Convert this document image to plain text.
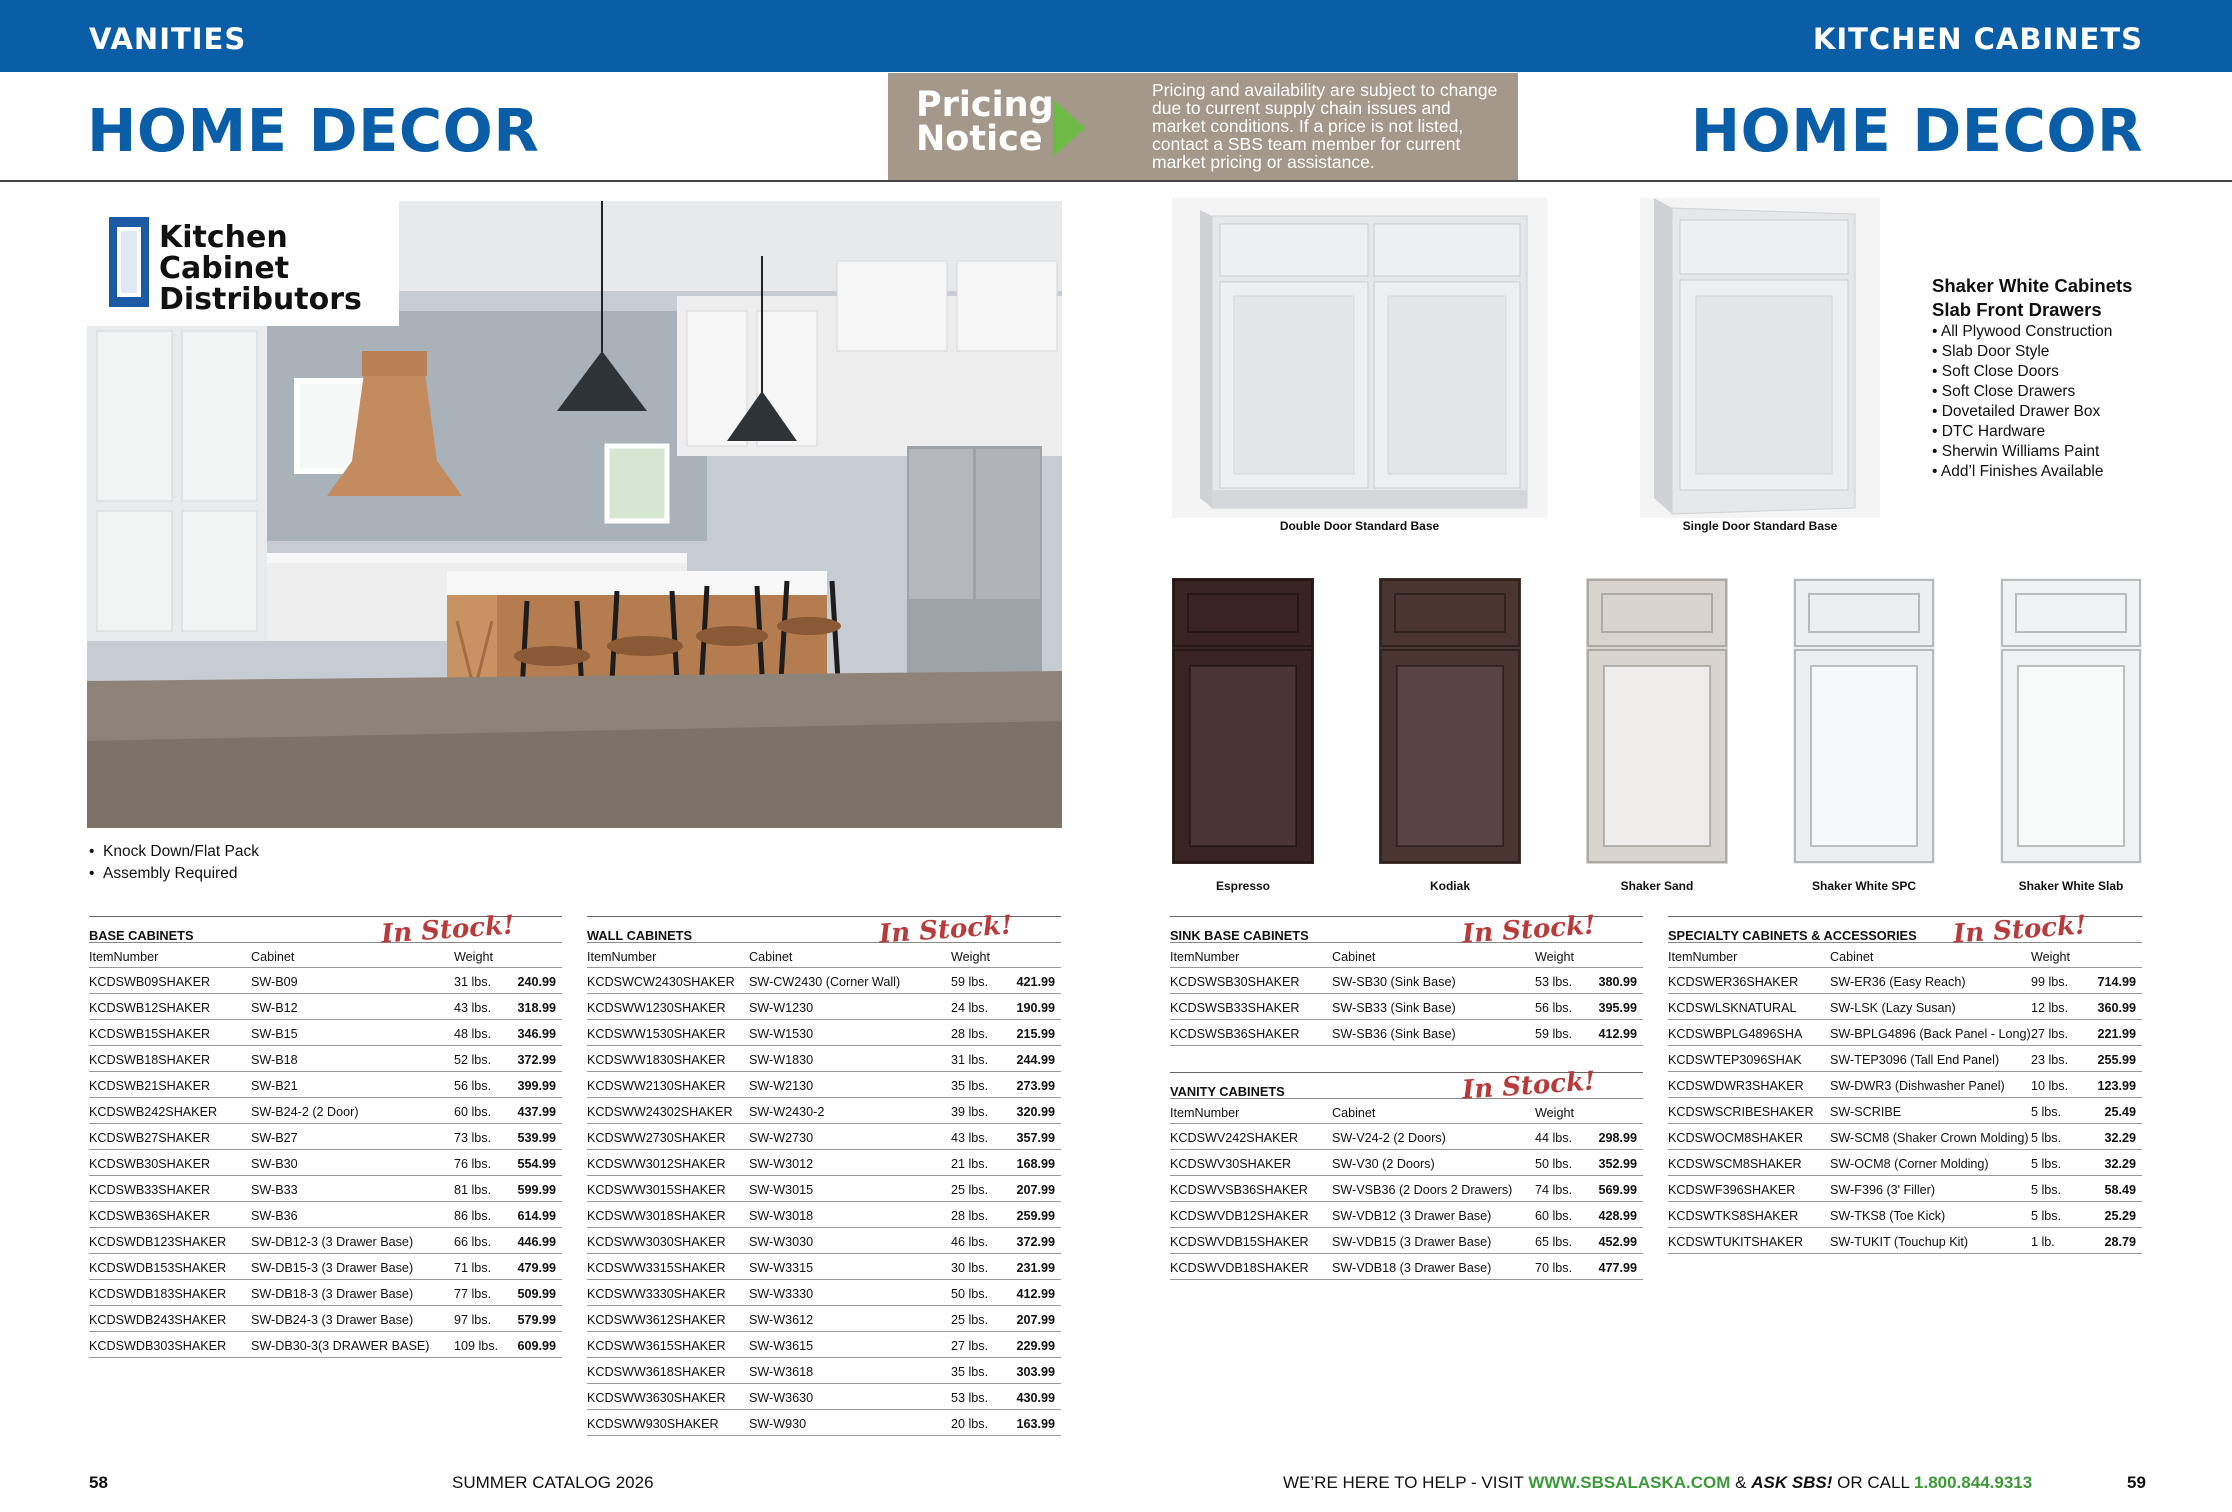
VANITIES	KITCHEN CABINETS
HOME DECOR	HOME DECOR
Pricing
Notice
Pricing and availability are subject to change due to current supply chain issues and market conditions. If a price is not listed, contact a SBS team member for current market pricing or assistance.
Kitchen
Cabinet
Distributors
•  Knock Down/Flat Pack
•  Assembly Required
BASE CABINETS	In Stock!
ItemNumber	Cabinet	Weight
KCDSWB09SHAKER	SW-B09	31 lbs. 240.99
KCDSWB12SHAKER	SW-B12	43 lbs. 318.99
KCDSWB15SHAKER	SW-B15	48 lbs. 346.99
KCDSWB18SHAKER	SW-B18	52 lbs. 372.99
KCDSWB21SHAKER	SW-B21	56 lbs. 399.99
KCDSWB242SHAKER	SW-B24-2 (2 Door)	60 lbs. 437.99
KCDSWB27SHAKER	SW-B27	73 lbs. 539.99
KCDSWB30SHAKER	SW-B30	76 lbs. 554.99
KCDSWB33SHAKER	SW-B33	81 lbs. 599.99
KCDSWB36SHAKER	SW-B36	86 lbs. 614.99
KCDSWDB123SHAKER SW-DB12-3 (3 Drawer Base)	66 lbs. 446.99
KCDSWDB153SHAKER SW-DB15-3 (3 Drawer Base)	71 lbs. 479.99
KCDSWDB183SHAKER SW-DB18-3 (3 Drawer Base)	77 lbs. 509.99
KCDSWDB243SHAKER SW-DB24-3 (3 Drawer Base)	97 lbs. 579.99
KCDSWDB303SHAKER SW-DB30-3(3 DRAWER BASE) 109 lbs. 609.99
WALL CABINETS	In Stock!
ItemNumber	Cabinet	Weight
KCDSWCW2430SHAKER SW-CW2430 (Corner Wall)	59 lbs. 421.99
KCDSWW1230SHAKER SW-W1230	24 lbs. 190.99
KCDSWW1530SHAKER SW-W1530	28 lbs. 215.99
KCDSWW1830SHAKER SW-W1830	31 lbs. 244.99
KCDSWW2130SHAKER SW-W2130	35 lbs. 273.99
KCDSWW24302SHAKER SW-W2430-2	39 lbs. 320.99
KCDSWW2730SHAKER SW-W2730	43 lbs. 357.99
KCDSWW3012SHAKER SW-W3012	21 lbs. 168.99
KCDSWW3015SHAKER SW-W3015	25 lbs. 207.99
KCDSWW3018SHAKER SW-W3018	28 lbs. 259.99
KCDSWW3030SHAKER SW-W3030	46 lbs. 372.99
KCDSWW3315SHAKER SW-W3315	30 lbs. 231.99
KCDSWW3330SHAKER SW-W3330	50 lbs. 412.99
KCDSWW3612SHAKER SW-W3612	25 lbs. 207.99
KCDSWW3615SHAKER SW-W3615	27 lbs. 229.99
KCDSWW3618SHAKER SW-W3618	35 lbs. 303.99
KCDSWW3630SHAKER SW-W3630	53 lbs. 430.99
KCDSWW930SHAKER SW-W930	20 lbs. 163.99
SINK BASE CABINETS	In Stock!
ItemNumber	Cabinet	Weight
KCDSWSB30SHAKER	SW-SB30 (Sink Base)	53 lbs. 380.99
KCDSWSB33SHAKER	SW-SB33 (Sink Base)	56 lbs. 395.99
KCDSWSB36SHAKER	SW-SB36 (Sink Base)	59 lbs. 412.99
VANITY CABINETS	In Stock!
ItemNumber	Cabinet	Weight
KCDSWV242SHAKER	SW-V24-2 (2 Doors)	44 lbs. 298.99
KCDSWV30SHAKER	SW-V30 (2 Doors)	50 lbs. 352.99
KCDSWVSB36SHAKER SW-VSB36 (2 Doors 2 Drawers) 74 lbs. 569.99
KCDSWVDB12SHAKER SW-VDB12 (3 Drawer Base)	60 lbs. 428.99
KCDSWVDB15SHAKER SW-VDB15 (3 Drawer Base)	65 lbs. 452.99
KCDSWVDB18SHAKER SW-VDB18 (3 Drawer Base)	70 lbs. 477.99
SPECIALTY CABINETS & ACCESSORIES In Stock!
ItemNumber	Cabinet	Weight
KCDSWER36SHAKER	SW-ER36 (Easy Reach)	99 lbs. 714.99
KCDSWLSKNATURAL	SW-LSK (Lazy Susan)	12 lbs. 360.99
KCDSWBPLG4896SHA SW-BPLG4896 (Back Panel - Long) 27 lbs. 221.99
KCDSWTEP3096SHAK SW-TEP3096 (Tall End Panel)	23 lbs. 255.99
KCDSWDWR3SHAKER SW-DWR3 (Dishwasher Panel) 10 lbs. 123.99
KCDSWSCRIBESHAKER SW-SCRIBE	5 lbs.	25.49
KCDSWOCM8SHAKER SW-SCM8 (Shaker Crown Molding) 5 lbs.	32.29
KCDSWSCM8SHAKER SW-OCM8 (Corner Molding)	5 lbs.	32.29
KCDSWF396SHAKER	SW-F396 (3' Filler)	5 lbs.	58.49
KCDSWTKS8SHAKER	SW-TKS8 (Toe Kick)	5 lbs.	25.29
KCDSWTUKITSHAKER SW-TUKIT (Touchup Kit)	1 lb.	28.79
Double Door Standard Base	Single Door Standard Base
Shaker White Cabinets
Slab Front Drawers
• All Plywood Construction
• Slab Door Style
• Soft Close Doors
• Soft Close Drawers
• Dovetailed Drawer Box
• DTC Hardware
• Sherwin Williams Paint
• Add’l Finishes Available
Espresso	Kodiak	Shaker Sand	Shaker White SPC	Shaker White Slab
58	SUMMER CATALOG 2026	WE’RE HERE TO HELP - VISIT WWW.SBSALASKA.COM & ASK SBS! OR CALL 1.800.844.9313	59
